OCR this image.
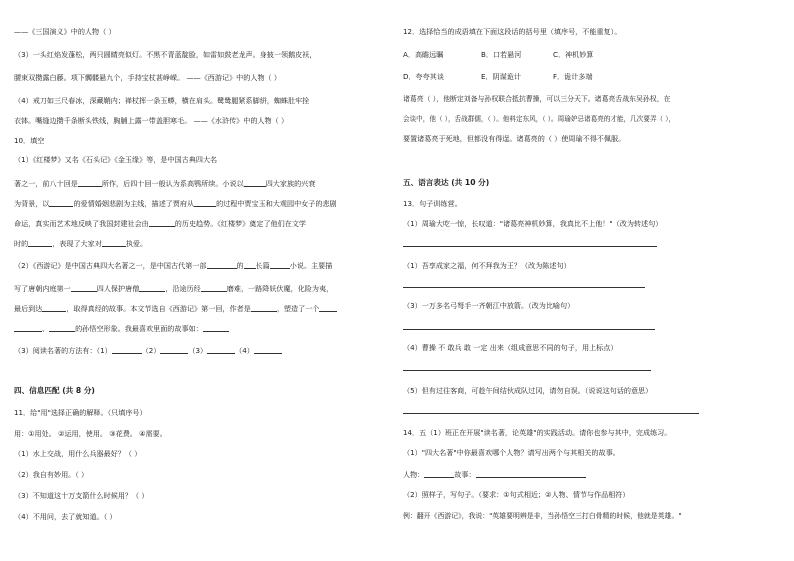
——《三国演义》中的人物（ ）
（3）一头红焰发蓬松，两只圆睛亮似灯。不黑不青蓝靛脸，如雷如鼓老龙声。身披一领鹅皮袄，
腰束双攒露白藤。项下髑髅悬九个，手持宝杖甚峥嵘。 ——《西游记》中的人物（ ）
（4）戒刀如三尺春冰，深藏鞘内；禅杖挥一条玉蟒，横在肩头。鹭鸶腿紧系脚絣，蜘蛛肚牢拴
衣钵。嘴缝边攒千条断头铁线，胸脯上露一带盖胆寒毛。 ——《水浒传》中的人物（ ）
10．填空
（1）《红楼梦》又名《石头记》《金玉缘》等，是中国古典四大名
著之一，前八十回是	所作，后四十回一般认为系高鹗所续。小说以	四大家族的兴衰
为背景，以	的爱情婚姻悲剧为主线，描述了贾府从	的过程中贾宝玉和大观园中女子的悲剧
命运，真实而艺术地反映了我国封建社会由	的历史趋势。《红楼梦》奠定了他们在文学
时的	，表现了大家对	执爱。
（2）《西游记》是中国古典四大名著之一，是中国古代第一部	的 长篇	小说。主要描
写了唐朝内庭第一	四人保护唐僧	，沿途历经	磨难，一路降妖伏魔，化险为夷，
最后到达	，取得真经的故事。本文节选自《西游记》第一回，作者是	，塑造了一个
、	的孙悟空形象。我最喜欢里面的故事如：
（3）阅读名著的方法有：（1）	（2）	（3）	（4）
四、信息匹配 (共 8 分)
11．给"用"选择正确的解释。（只填序号）
用：①用处。 ②运用，使用。 ③花费。 ④需要。
（1）水上交战，用什么兵器最好？（ ）
（2）我自有妙用。（ ）
（3）不知道这十万支箭什么时候用？（ ）
（4）不用问，去了就知道。（ ）
12．选择恰当的成语填在下面这段话的括号里（填序号，不能重复）。
A．高瞻远瞩	B．口若悬河	C．神机妙算
D．夸夸其谈	E．阴谋诡计	F．诡计多端
诸葛亮（ ），他断定刘备与孙权联合抵抗曹操，可以三分天下。诸葛亮舌战东吴孙权，在
会谈中，他（ ），舌战群儒，（ ）。他料定东风，（ ）。周瑜妒忌诸葛亮的才能，几次要弄（ ），
要置诸葛亮于死地，但都没有得逞。诸葛亮的（ ）使周瑜不得不佩服。
五、语言表达 (共 10 分)
13．句子训练营。
（1）周瑜大吃一惊，长叹道："诸葛亮神机妙算，我真比不上他！"（改为转述句）
（1）吾享成家之福，何不拜我为王？（改为陈述句）
（3）一万多名弓弩手一齐朝江中放箭。（改为比喻句）
（4）曹操 不 敢兵 敢 一定 出来（组成意思不同的句子，用上标点）
（5）但有过往客商，可趁午间结伙成队过冈，请勿自误。（说说这句话的意思）
14．五（1）班正在开展"读名著，论英雄"的实践活动。请你也参与其中，完成练习。
（1）"四大名著"中你最喜欢哪个人物？请写出两个与其相关的故事。
人物：	故事：
（2）照样子，写句子。（要求：①句式相近；②人物、情节与作品相符）
例：翻开《西游记》，我说："英雄要明辨是非，当孙悟空三打白骨精的时候，他就是英雄。"
